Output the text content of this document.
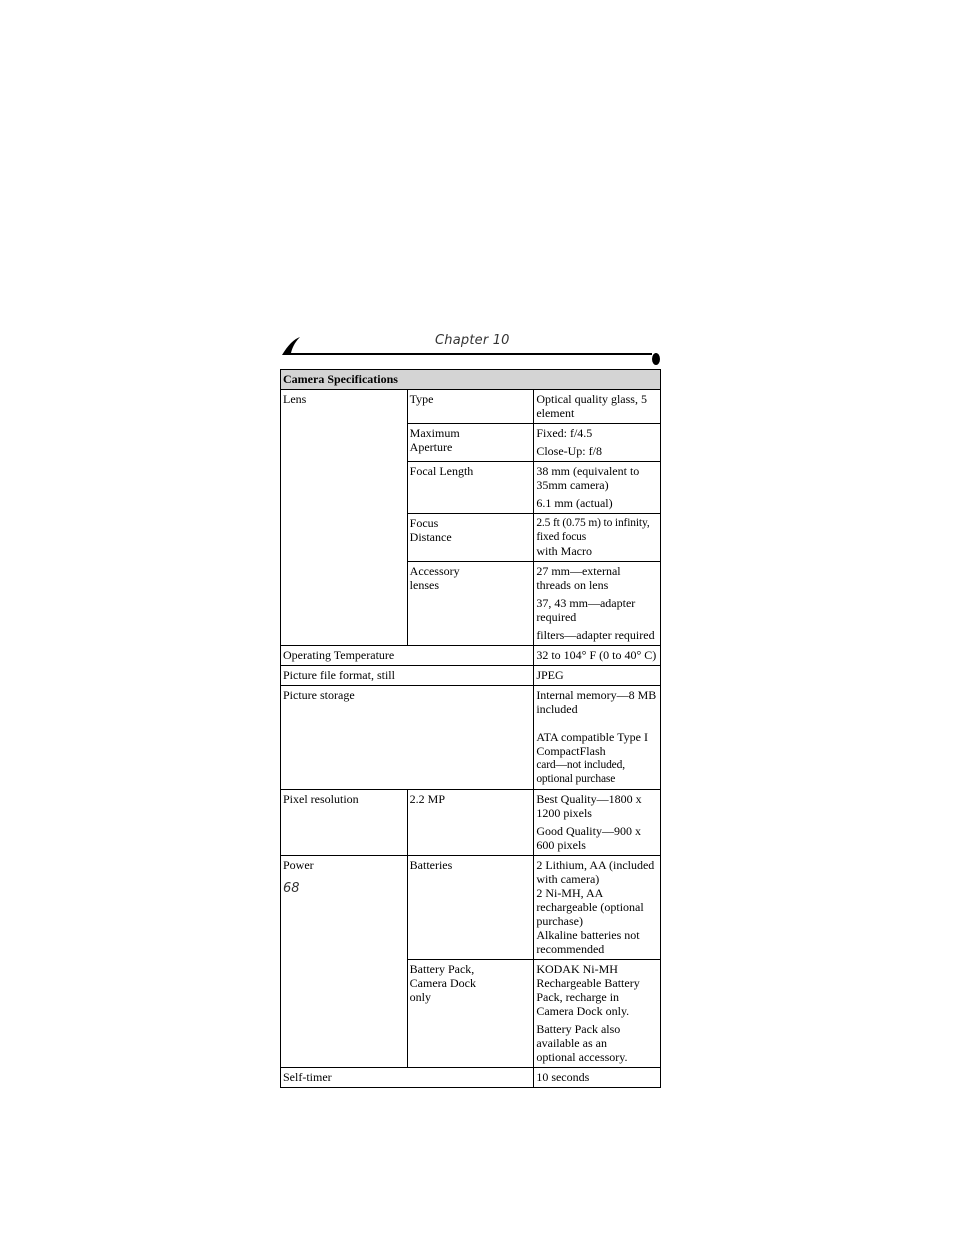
Chapter 10
Camera Specifications		
Lens	Type	Optical quality glass, 5 element

	Maximum
Aperture	Fixed: f/4.5
Close-Up: f/8

	Focal Length	38 mm (equivalent to 35mm camera)
6.1 mm (actual)

	Focus
Distance	2.5 ft (0.75 m) to infinity, fixed focus
with Macro

	Accessory
lenses	27 mm—external threads on lens
37, 43 mm—adapter required
filters—adapter required

Operating Temperature		32 to 104° F (0 to 40° C)
Picture file format, still		JPEG
Picture storage		Internal memory—8 MB included
ATA compatible Type I CompactFlash
card—not included, optional purchase

Pixel resolution	2.2 MP	Best Quality—1800 x 1200 pixels
Good Quality—900 x 600 pixels

Power	Batteries	2 Lithium, AA (included with camera)
2 Ni-MH, AA rechargeable (optional
purchase)
Alkaline batteries not recommended

	Battery Pack,
Camera Dock
only	KODAK Ni-MH Rechargeable Battery
Pack, recharge in Camera Dock only.
Battery Pack also available as an
optional accessory.

Self-timer		10 seconds
68
